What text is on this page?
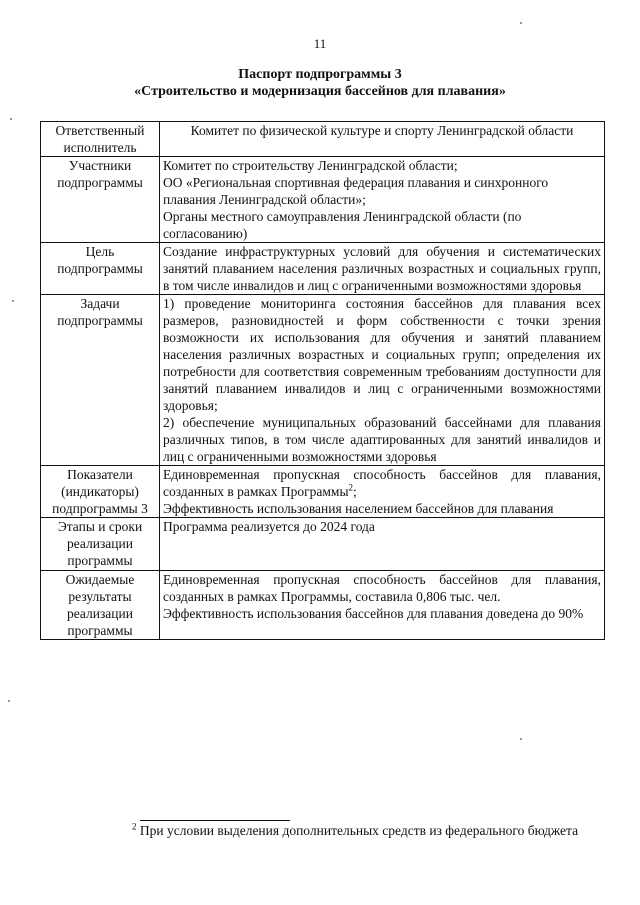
11
Паспорт подпрограммы 3
«Строительство и модернизация бассейнов для плавания»
Ответственный исполнитель	Комитет по физической культуре и спорту Ленинградской области

Участники подпрограммы	Комитет по строительству Ленинградской области;
ОО «Региональная спортивная федерация плавания и синхронного плавания Ленинградской области»;
Органы местного самоуправления Ленинградской области (по согласованию)

Цель подпрограммы	Создание инфраструктурных условий для обучения и систематических занятий плаванием населения различных возрастных и социальных групп, в том числе инвалидов и лиц с ограниченными возможностями здоровья

Задачи подпрограммы	1) проведение мониторинга состояния бассейнов для плавания всех размеров, разновидностей и форм собственности с точки зрения возможности их использования для обучения и занятий плаванием населения различных возрастных и социальных групп; определения их потребности для соответствия современным требованиям доступности для занятий плаванием инвалидов и лиц с ограниченными возможностями здоровья;
2) обеспечение муниципальных образований бассейнами для плавания различных типов, в том числе адаптированных для занятий инвалидов и лиц с ограниченными возможностями здоровья

Показатели (индикаторы) подпрограммы 3	Единовременная пропускная способность бассейнов для плавания, созданных в рамках Программы$^2$;
Эффективность использования населением бассейнов для плавания

Этапы и сроки реализации программы	Программа реализуется до 2024 года

Ожидаемые результаты реализации программы	Единовременная пропускная способность бассейнов для плавания, созданных в рамках Программы, составила 0,806 тыс. чел.
Эффективность использования бассейнов для плавания доведена до 90%
$^2$ При условии выделения дополнительных средств из федерального бюджета
